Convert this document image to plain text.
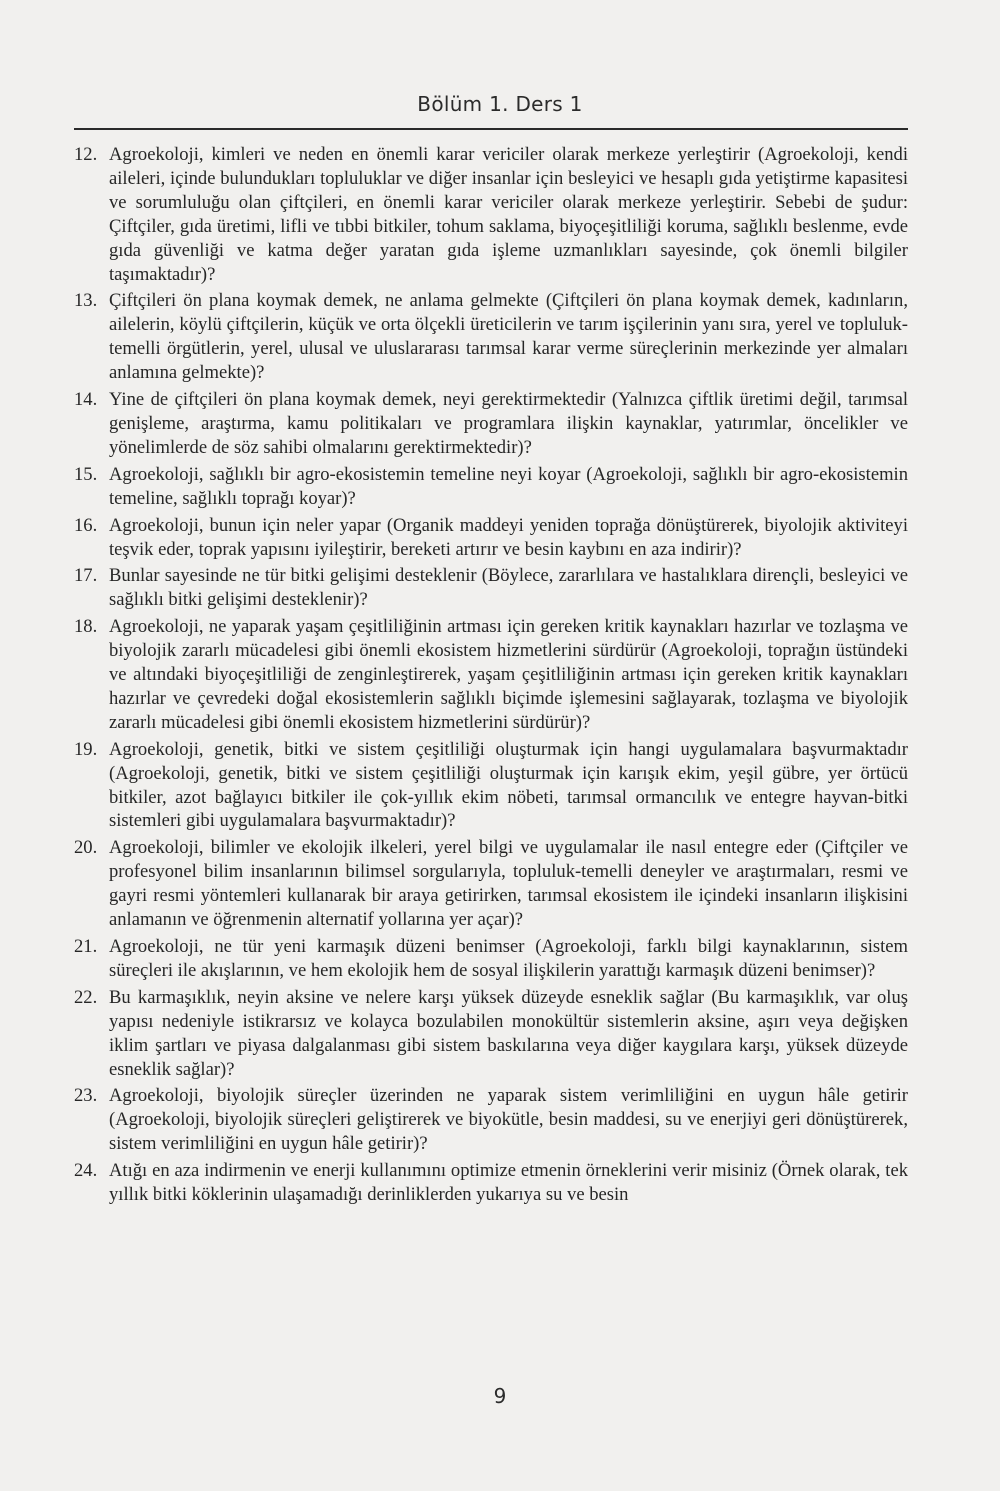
Bölüm 1. Ders 1
12. Agroekoloji, kimleri ve neden en önemli karar vericiler olarak merkeze yerleştirir (Agroekoloji, kendi aileleri, içinde bulundukları topluluklar ve diğer insanlar için besleyici ve hesaplı gıda yetiştirme kapasitesi ve sorumluluğu olan çiftçileri, en önemli karar vericiler olarak merkeze yerleştirir. Sebebi de şudur: Çiftçiler, gıda üretimi, lifli ve tıbbi bitkiler, tohum saklama, biyoçeşitliliği koruma, sağlıklı beslenme, evde gıda güvenliği ve katma değer yaratan gıda işleme uzmanlıkları sayesinde, çok önemli bilgiler taşımaktadır)?
13. Çiftçileri ön plana koymak demek, ne anlama gelmekte (Çiftçileri ön plana koymak demek, kadınların, ailelerin, köylü çiftçilerin, küçük ve orta ölçekli üreticilerin ve tarım işçilerinin yanı sıra, yerel ve topluluk-temelli örgütlerin, yerel, ulusal ve uluslararası tarımsal karar verme süreçlerinin merkezinde yer almaları anlamına gelmekte)?
14. Yine de çiftçileri ön plana koymak demek, neyi gerektirmektedir (Yalnızca çiftlik üretimi değil, tarımsal genişleme, araştırma, kamu politikaları ve programlara ilişkin kaynaklar, yatırımlar, öncelikler ve yönelimlerde de söz sahibi olmalarını gerektirmektedir)?
15. Agroekoloji, sağlıklı bir agro-ekosistemin temeline neyi koyar (Agroekoloji, sağlıklı bir agro-ekosistemin temeline, sağlıklı toprağı koyar)?
16. Agroekoloji, bunun için neler yapar (Organik maddeyi yeniden toprağa dönüştürerek, biyolojik aktiviteyi teşvik eder, toprak yapısını iyileştirir, bereketi artırır ve besin kaybını en aza indirir)?
17. Bunlar sayesinde ne tür bitki gelişimi desteklenir (Böylece, zararlılara ve hastalıklara dirençli, besleyici ve sağlıklı bitki gelişimi desteklenir)?
18. Agroekoloji, ne yaparak yaşam çeşitliliğinin artması için gereken kritik kaynakları hazırlar ve tozlaşma ve biyolojik zararlı mücadelesi gibi önemli ekosistem hizmetlerini sürdürür (Agroekoloji, toprağın üstündeki ve altındaki biyoçeşitliliği de zenginleştirerek, yaşam çeşitliliğinin artması için gereken kritik kaynakları hazırlar ve çevredeki doğal ekosistemlerin sağlıklı biçimde işlemesini sağlayarak, tozlaşma ve biyolojik zararlı mücadelesi gibi önemli ekosistem hizmetlerini sürdürür)?
19. Agroekoloji, genetik, bitki ve sistem çeşitliliği oluşturmak için hangi uygulamalara başvurmaktadır (Agroekoloji, genetik, bitki ve sistem çeşitliliği oluşturmak için karışık ekim, yeşil gübre, yer örtücü bitkiler, azot bağlayıcı bitkiler ile çok-yıllık ekim nöbeti, tarımsal ormancılık ve entegre hayvan-bitki sistemleri gibi uygulamalara başvurmaktadır)?
20. Agroekoloji, bilimler ve ekolojik ilkeleri, yerel bilgi ve uygulamalar ile nasıl entegre eder (Çiftçiler ve profesyonel bilim insanlarının bilimsel sorgularıyla, topluluk-temelli deneyler ve araştırmaları, resmi ve gayri resmi yöntemleri kullanarak bir araya getirirken, tarımsal ekosistem ile içindeki insanların ilişkisini anlamanın ve öğrenmenin alternatif yollarına yer açar)?
21. Agroekoloji, ne tür yeni karmaşık düzeni benimser (Agroekoloji, farklı bilgi kaynaklarının, sistem süreçleri ile akışlarının, ve hem ekolojik hem de sosyal ilişkilerin yarattığı karmaşık düzeni benimser)?
22. Bu karmaşıklık, neyin aksine ve nelere karşı yüksek düzeyde esneklik sağlar (Bu karmaşıklık, var oluş yapısı nedeniyle istikrarsız ve kolayca bozulabilen monokültür sistemlerin aksine, aşırı veya değişken iklim şartları ve piyasa dalgalanması gibi sistem baskılarına veya diğer kaygılara karşı, yüksek düzeyde esneklik sağlar)?
23. Agroekoloji, biyolojik süreçler üzerinden ne yaparak sistem verimliliğini en uygun hâle getirir (Agroekoloji, biyolojik süreçleri geliştirerek ve biyokütle, besin maddesi, su ve enerjiyi geri dönüştürerek, sistem verimliliğini en uygun hâle getirir)?
24. Atığı en aza indirmenin ve enerji kullanımını optimize etmenin örneklerini verir misiniz (Örnek olarak, tek yıllık bitki köklerinin ulaşamadığı derinliklerden yukarıya su ve besin
9
